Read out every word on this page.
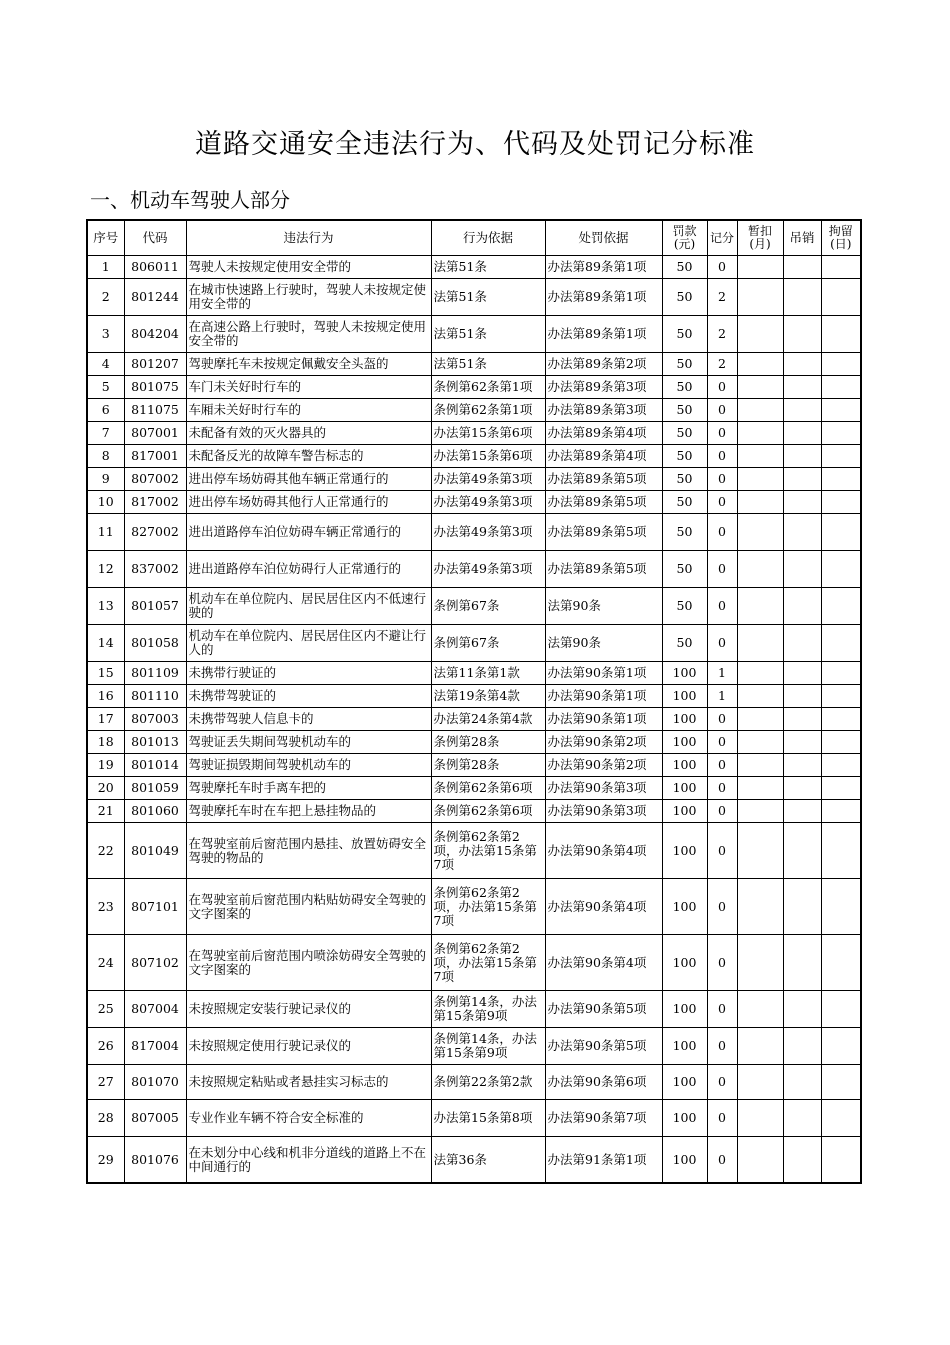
道路交通安全违法行为、代码及处罚记分标准
一、机动车驾驶人部分
序号	代码	违法行为	行为依据	处罚依据	罚款(元)	记分	暂扣(月)	吊销	拘留(日)

1	806011	驾驶人未按规定使用安全带的	法第51条	办法第89条第1项	50	0			

2	801244	在城市快速路上行驶时，驾驶人未按规定使用安全带的	法第51条	办法第89条第1项	50	2			

3	804204	在高速公路上行驶时，驾驶人未按规定使用安全带的	法第51条	办法第89条第1项	50	2			

4	801207	驾驶摩托车未按规定佩戴安全头盔的	法第51条	办法第89条第2项	50	2			

5	801075	车门未关好时行车的	条例第62条第1项	办法第89条第3项	50	0			

6	811075	车厢未关好时行车的	条例第62条第1项	办法第89条第3项	50	0			

7	807001	未配备有效的灭火器具的	办法第15条第6项	办法第89条第4项	50	0			

8	817001	未配备反光的故障车警告标志的	办法第15条第6项	办法第89条第4项	50	0			

9	807002	进出停车场妨碍其他车辆正常通行的	办法第49条第3项	办法第89条第5项	50	0			

10	817002	进出停车场妨碍其他行人正常通行的	办法第49条第3项	办法第89条第5项	50	0			

11	827002	进出道路停车泊位妨碍车辆正常通行的	办法第49条第3项	办法第89条第5项	50	0			

12	837002	进出道路停车泊位妨碍行人正常通行的	办法第49条第3项	办法第89条第5项	50	0			

13	801057	机动车在单位院内、居民居住区内不低速行驶的	条例第67条	法第90条	50	0			

14	801058	机动车在单位院内、居民居住区内不避让行人的	条例第67条	法第90条	50	0			

15	801109	未携带行驶证的	法第11条第1款	办法第90条第1项	100	1			

16	801110	未携带驾驶证的	法第19条第4款	办法第90条第1项	100	1			

17	807003	未携带驾驶人信息卡的	办法第24条第4款	办法第90条第1项	100	0			

18	801013	驾驶证丢失期间驾驶机动车的	条例第28条	办法第90条第2项	100	0			

19	801014	驾驶证损毁期间驾驶机动车的	条例第28条	办法第90条第2项	100	0			

20	801059	驾驶摩托车时手离车把的	条例第62条第6项	办法第90条第3项	100	0			

21	801060	驾驶摩托车时在车把上悬挂物品的	条例第62条第6项	办法第90条第3项	100	0			

22	801049	在驾驶室前后窗范围内悬挂、放置妨碍安全驾驶的物品的	条例第62条第2项，办法第15条第7项	办法第90条第4项	100	0			

23	807101	在驾驶室前后窗范围内粘贴妨碍安全驾驶的文字图案的	条例第62条第2项，办法第15条第7项	办法第90条第4项	100	0			

24	807102	在驾驶室前后窗范围内喷涂妨碍安全驾驶的文字图案的	条例第62条第2项，办法第15条第7项	办法第90条第4项	100	0			

25	807004	未按照规定安装行驶记录仪的	条例第14条，办法第15条第9项	办法第90条第5项	100	0			

26	817004	未按照规定使用行驶记录仪的	条例第14条，办法第15条第9项	办法第90条第5项	100	0			

27	801070	未按照规定粘贴或者悬挂实习标志的	条例第22条第2款	办法第90条第6项	100	0			

28	807005	专业作业车辆不符合安全标准的	办法第15条第8项	办法第90条第7项	100	0			

29	801076	在未划分中心线和机非分道线的道路上不在中间通行的	法第36条	办法第91条第1项	100	0			
